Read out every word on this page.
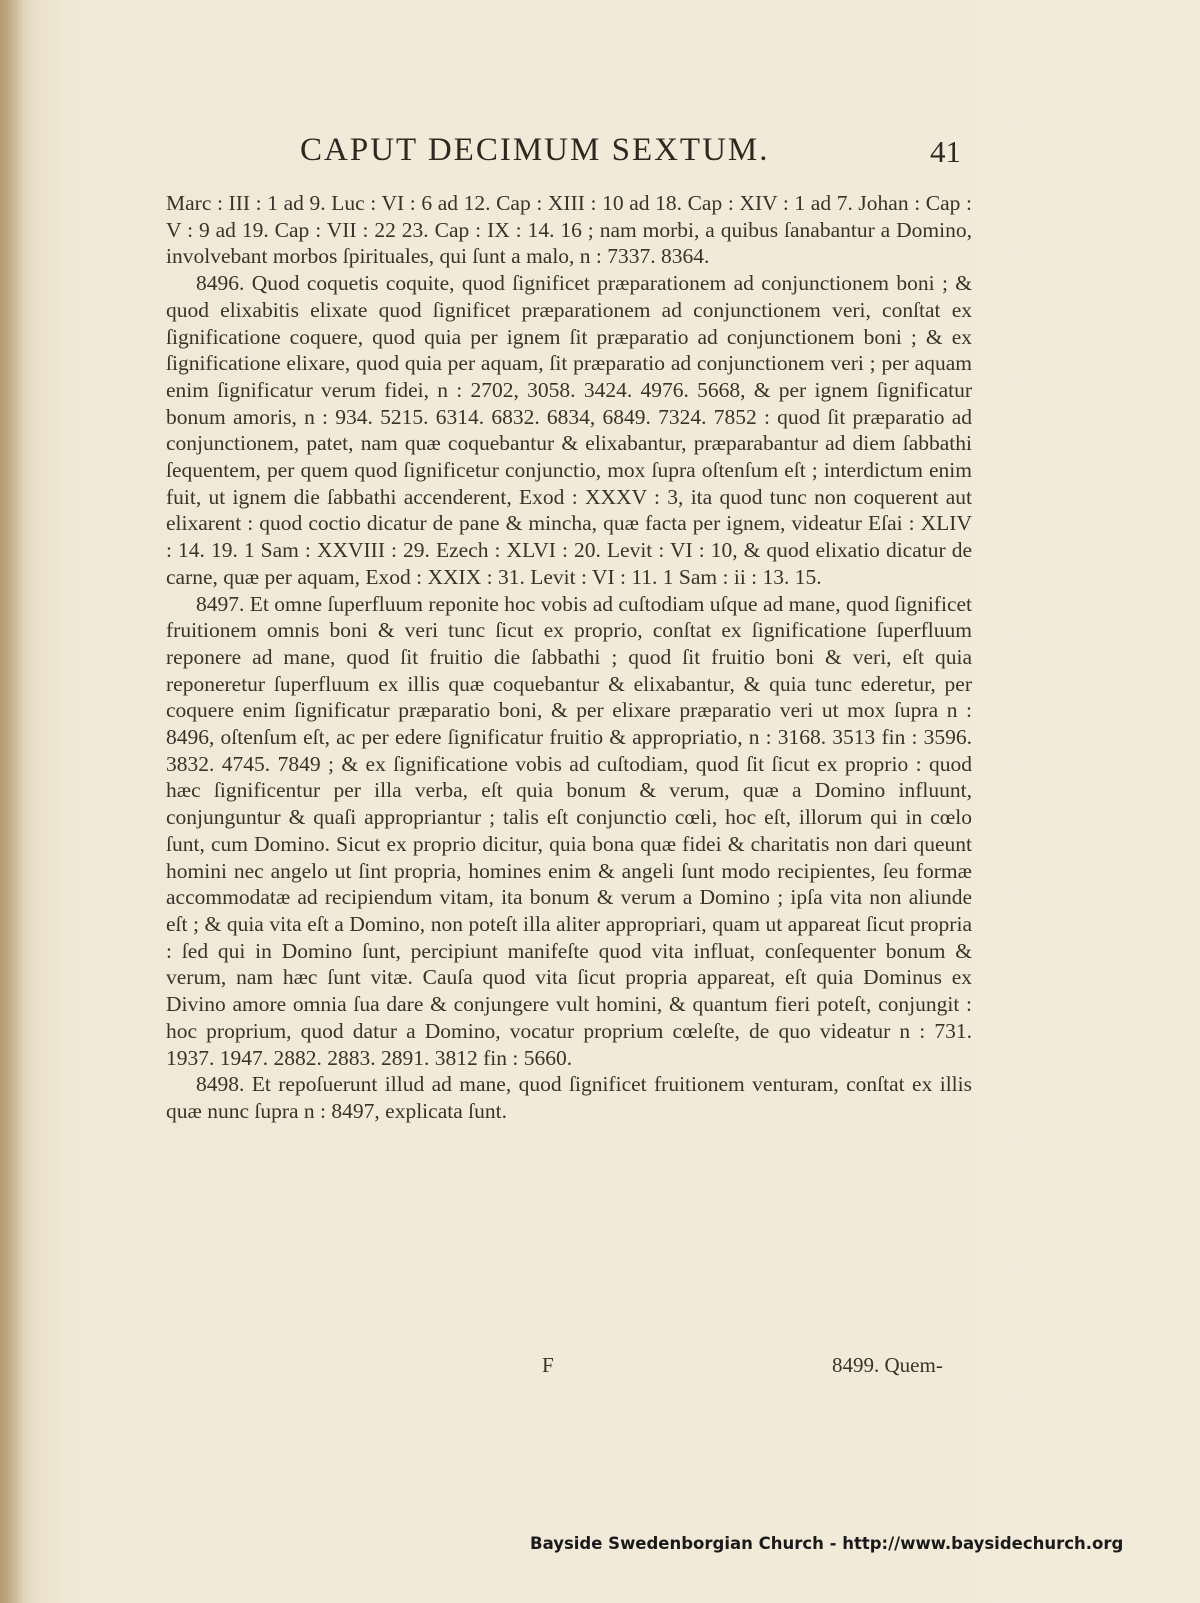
CAPUT DECIMUM SEXTUM.	41

Marc : III : 1 ad 9. Luc : VI : 6 ad 12. Cap : XIII : 10 ad 18. Cap : XIV : 1 ad 7. Johan : Cap : V : 9 ad 19. Cap : VII : 22 23. Cap : IX : 14. 16 ; nam morbi, a quibus ſanabantur a Domino, involvebant morbos ſpirituales, qui ſunt a malo, n : 7337. 8364.

8496. Quod coquetis coquite, quod ſignificet præparationem ad conjunctionem boni ; & quod elixabitis elixate quod ſignificet præparationem ad conjunctionem veri, conſtat ex ſignificatione coquere, quod quia per ignem ſit præparatio ad conjunctionem boni ; & ex ſignificatione elixare, quod quia per aquam, ſit præparatio ad conjunctionem veri ; per aquam enim ſignificatur verum fidei, n : 2702, 3058. 3424. 4976. 5668, & per ignem ſignificatur bonum amoris, n : 934. 5215. 6314. 6832. 6834, 6849. 7324. 7852 : quod ſit præparatio ad conjunctionem, patet, nam quæ coquebantur & elixabantur, præparabantur ad diem ſabbathi ſequentem, per quem quod ſignificetur conjunctio, mox ſupra oſtenſum eſt ; interdictum enim fuit, ut ignem die ſabbathi accenderent, Exod : XXXV : 3, ita quod tunc non coquerent aut elixarent : quod coctio dicatur de pane & mincha, quæ facta per ignem, videatur Eſai : XLIV : 14. 19. 1 Sam : XXVIII : 29. Ezech : XLVI : 20. Levit : VI : 10, & quod elixatio dicatur de carne, quæ per aquam, Exod : XXIX : 31. Levit : VI : 11. 1 Sam : ii : 13. 15.

8497. Et omne ſuperfluum reponite hoc vobis ad cuſtodiam uſque ad mane, quod ſignificet fruitionem omnis boni & veri tunc ſicut ex proprio, conſtat ex ſignificatione ſuperfluum reponere ad mane, quod ſit fruitio die ſabbathi ; quod ſit fruitio boni & veri, eſt quia reponeretur ſuperfluum ex illis quæ coquebantur & elixabantur, & quia tunc ederetur, per coquere enim ſignificatur præparatio boni, & per elixare præparatio veri ut mox ſupra n : 8496, oſtenſum eſt, ac per edere ſignificatur fruitio & appropriatio, n : 3168. 3513 fin : 3596. 3832. 4745. 7849 ; & ex ſignificatione vobis ad cuſtodiam, quod ſit ſicut ex proprio : quod hæc ſignificentur per illa verba, eſt quia bonum & verum, quæ a Domino influunt, conjunguntur & quaſi appropriantur ; talis eſt conjunctio cœli, hoc eſt, illorum qui in cœlo ſunt, cum Domino. Sicut ex proprio dicitur, quia bona quæ fidei & charitatis non dari queunt homini nec angelo ut ſint propria, homines enim & angeli ſunt modo recipientes, ſeu formæ accommodatæ ad recipiendum vitam, ita bonum & verum a Domino ; ipſa vita non aliunde eſt ; & quia vita eſt a Domino, non poteſt illa aliter appropriari, quam ut appareat ſicut propria : ſed qui in Domino ſunt, percipiunt manifeſte quod vita influat, conſequenter bonum & verum, nam hæc ſunt vitæ. Cauſa quod vita ſicut propria appareat, eſt quia Dominus ex Divino amore omnia ſua dare & conjungere vult homini, & quantum fieri poteſt, conjungit : hoc proprium, quod datur a Domino, vocatur proprium cœleſte, de quo videatur n : 731. 1937. 1947. 2882. 2883. 2891. 3812 fin : 5660.

8498. Et repoſuerunt illud ad mane, quod ſignificet fruitionem venturam, conſtat ex illis quæ nunc ſupra n : 8497, explicata ſunt.

F	8499. Quem-
Bayside Swedenborgian Church - http://www.baysidechurch.org
